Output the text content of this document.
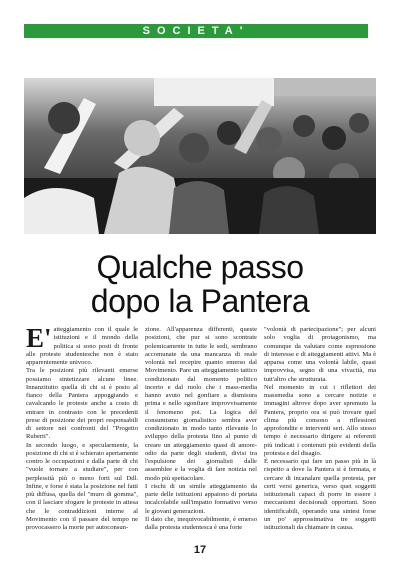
SOCIETA'
Qualche passo
dopo la Pantera

E' atteggiamento con il quale le istituzioni e il mondo della politica si sono posti di fronte alle proteste studentesche non è stato apparentemente univoco.

Tra le posizioni più rilevanti emerse possiamo sintetizzare alcune linee. Innanzitutto quella di chi si è posto al fianco della Pantera appoggiando e cavalcando le proteste anche a costo di entrare in contrasto con le precedenti prese di posizione dei propri responsabili di settore nei confronti del "Progetto Ruberti".

In secondo luogo, e specularmente, la posizione di chi si è schierato apertamente contro le occupazioni e dalla parte di chi "vuole tornare a studiare", per con perplessità più o meno forti sul Ddl. Infine, e forse è stata la posizione nel fatti più diffusa, quella del "muro di gomma", con il lasciare sfogare le proteste in attesa che le contraddizioni interne al Movimento con il passare del tempo ne provocassero la morte per autoconsun-

zione. All'apparenza differenti, queste posizioni, che pur si sono scontrate polemicamente in tutte le sedi, sembrano accomunate da una mancanza di reale volontà nel recepire quanto emerso dal Movimento. Pare un atteggiamento tattico condizionato dal momento politico incerto e dal ruolo che i mass-media hanno avuto nel gonfiare a dismisura prima e nello sgonfiare improvvisamente il fenomeno poi. La logica del consumismo giornalistico sembra aver condizionato in modo tanto rilevante lo sviluppo della protesta fino al punto di creare un atteggiamento quasi di amore-odio da parte degli studenti, divisi tra l'espulsione dei giornalisti dalle assemblee e la voglia di fare notizia nel modo più spettacolare.

I rischi di un simile atteggiamento da parte delle istituzioni appaiono di portata incalcolabile sull'impatto formativo verso le giovani generazioni.

Il dato che, inequivocabilmente, è emerso dalla protesta studentesca è una forte

"volontà di partecipazione"; per alcuni solo voglia di protagonismo, ma comunque da valutare come espressione di interesse e di atteggiamenti attivi. Ma è apparsa come una volontà labile, quasi improvvisa, segno di una vivacità, ma tutt'altro che strutturata.

Nel momento in cui i riflettori dei massmedia sono a cercare notizie e immagini altrove dopo aver spremuto la Pantera, proprio ora si può trovare quel clima più consono a riflessioni approfondite e interventi seri. Allo stesso tempo è necessario dirigere ai referenti più indicati i contenuti più evidenti della protesta e del disagio.

È necessario qui fare un passo più in là rispetto a dove la Pantera si è fermata, e cercare di incanalare quella protesta, per certi versi generica, verso quei soggetti istituzionali capaci di porre in essere i meccanismi decisionali opportuni. Sono identificabili, operando una sintesi forse un po' approssimativa tre soggetti istituzionali da chiamare in causa.

17
